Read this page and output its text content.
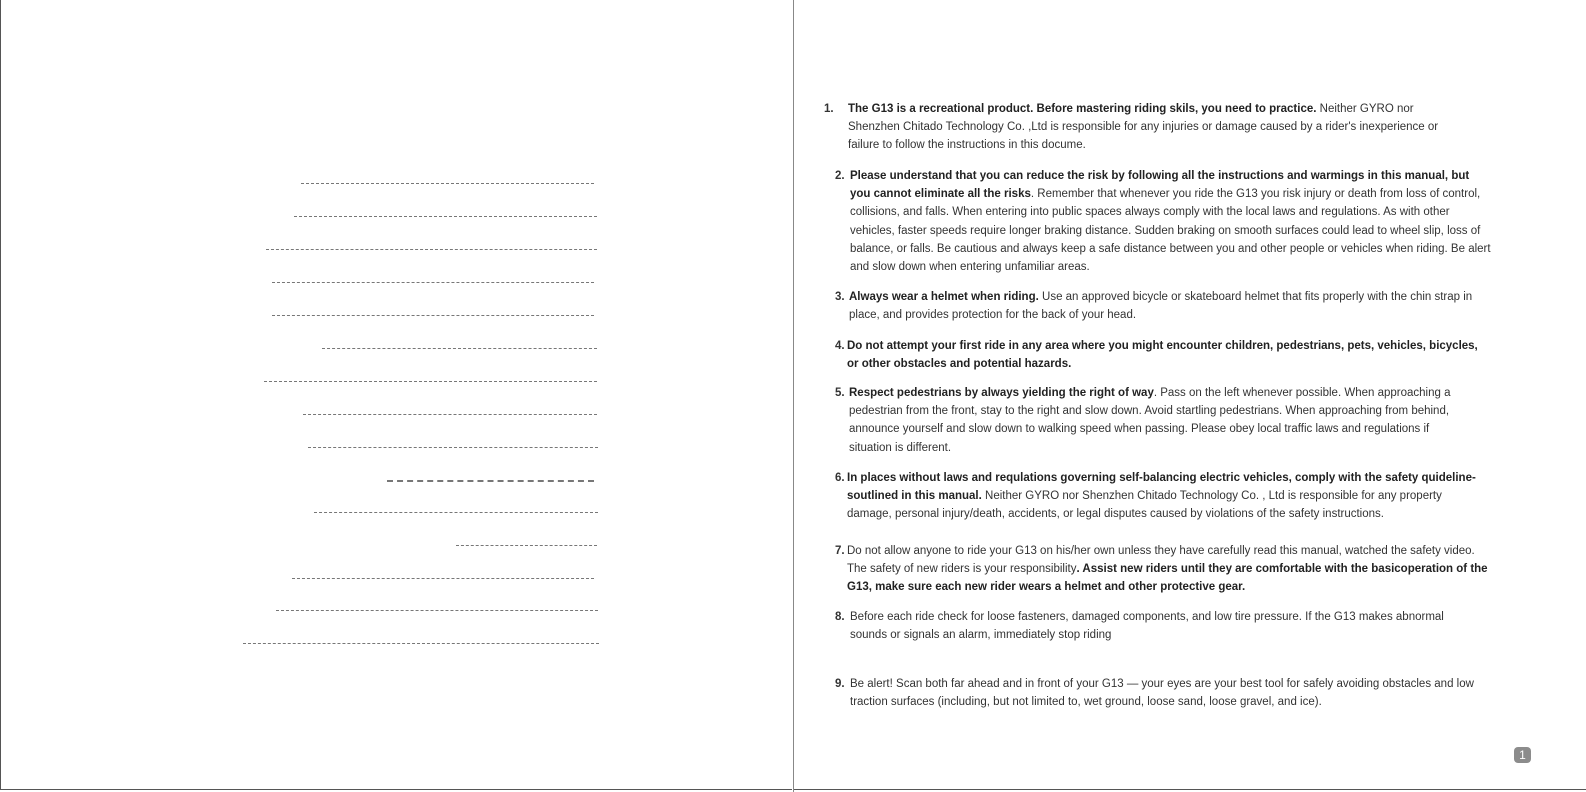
1. The G13 is a recreational product. Before mastering riding skils, you need to practice. Neither GYRO nor Shenzhen Chitado Technology Co. ,Ltd is responsible for any injuries or damage caused by a rider's inexperience or failure to follow the instructions in this docume.
2. Please understand that you can reduce the risk by following all the instructions and warmings in this manual, but you cannot eliminate all the risks. Remember that whenever you ride the G13 you risk injury or death from loss of control, collisions, and falls. When entering into public spaces always comply with the local laws and regulations. As with other vehicles, faster speeds require longer braking distance. Sudden braking on smooth surfaces could lead to wheel slip, loss of balance, or falls. Be cautious and always keep a safe distance between you and other people or vehicles when riding. Be alert and slow down when entering unfamiliar areas.
3. Always wear a helmet when riding. Use an approved bicycle or skateboard helmet that fits properly with the chin strap in place, and provides protection for the back of your head.
4. Do not attempt your first ride in any area where you might encounter children, pedestrians, pets, vehicles, bicycles, or other obstacles and potential hazards.
5. Respect pedestrians by always yielding the right of way. Pass on the left whenever possible. When approaching a pedestrian from the front, stay to the right and slow down. Avoid startling pedestrians. When approaching from behind, announce yourself and slow down to walking speed when passing. Please obey local traffic laws and regulations if situation is different.
6. In places without laws and requlations governing self-balancing electric vehicles, comply with the safety quideline-soutlined in this manual. Neither GYRO nor Shenzhen Chitado Technology Co. , Ltd is responsible for any property damage, personal injury/death, accidents, or legal disputes caused by violations of the safety instructions.
7. Do not allow anyone to ride your G13 on his/her own unless they have carefully read this manual, watched the safety video. The safety of new riders is your responsibility. Assist new riders until they are comfortable with the basicoperation of the G13, make sure each new rider wears a helmet and other protective gear.
8. Before each ride check for loose fasteners, damaged components, and low tire pressure. If the G13 makes abnormal sounds or signals an alarm, immediately stop riding
9. Be alert! Scan both far ahead and in front of your G13 — your eyes are your best tool for safely avoiding obstacles and low traction surfaces (including, but not limited to, wet ground, loose sand, loose gravel, and ice).
1
